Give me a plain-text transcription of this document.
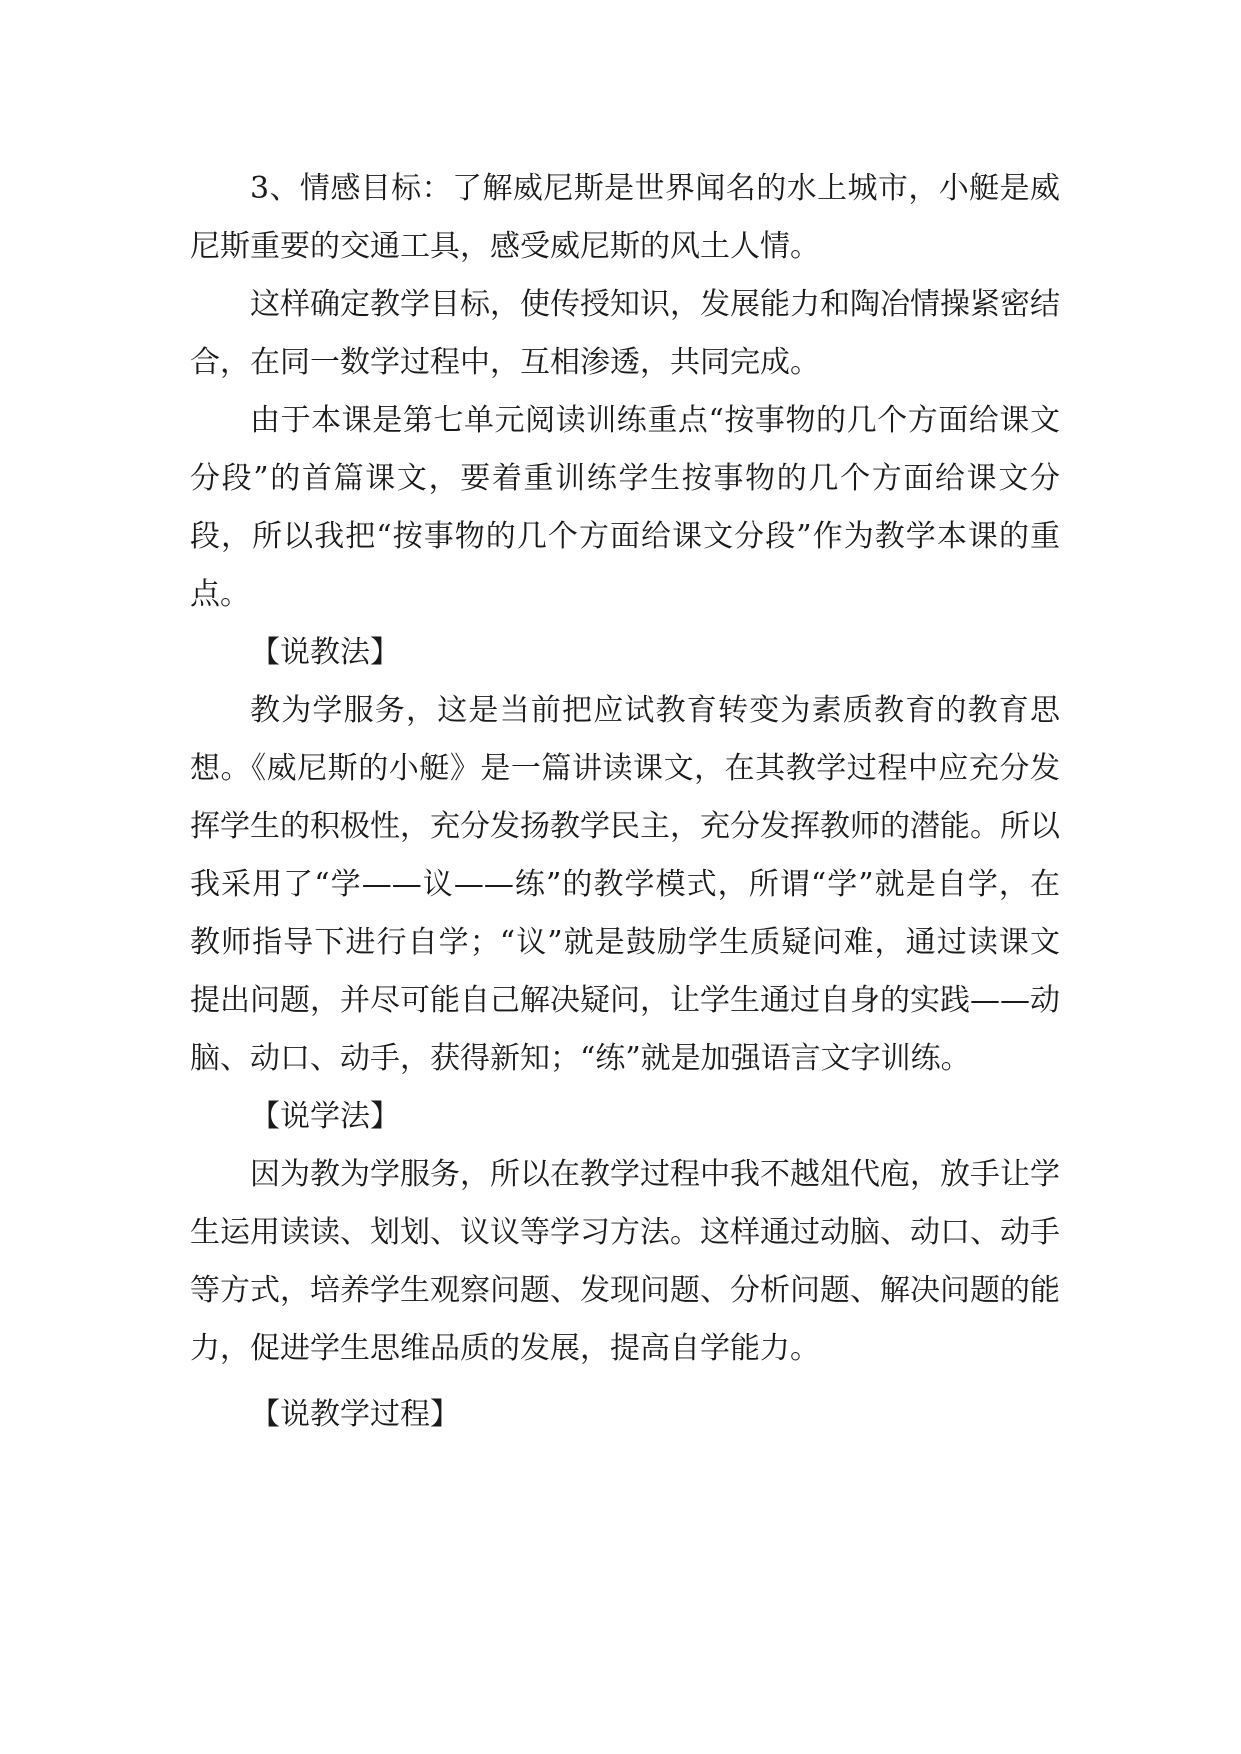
3、情感目标：了解威尼斯是世界闻名的水上城市，小艇是威尼斯重要的交通工具，感受威尼斯的风土人情。

这样确定教学目标，使传授知识，发展能力和陶冶情操紧密结合，在同一数学过程中，互相渗透，共同完成。

由于本课是第七单元阅读训练重点“按事物的几个方面给课文分段”的首篇课文，要着重训练学生按事物的几个方面给课文分段，所以我把“按事物的几个方面给课文分段”作为教学本课的重点。

【说教法】

教为学服务，这是当前把应试教育转变为素质教育的教育思想。《威尼斯的小艇》是一篇讲读课文，在其教学过程中应充分发挥学生的积极性，充分发扬教学民主，充分发挥教师的潜能。所以我采用了“学——议——练”的教学模式，所谓“学”就是自学，在教师指导下进行自学；“议”就是鼓励学生质疑问难，通过读课文提出问题，并尽可能自己解决疑问，让学生通过自身的实践——动脑、动口、动手，获得新知；“练”就是加强语言文字训练。

【说学法】

因为教为学服务，所以在教学过程中我不越俎代庖，放手让学生运用读读、划划、议议等学习方法。这样通过动脑、动口、动手等方式，培养学生观察问题、发现问题、分析问题、解决问题的能力，促进学生思维品质的发展，提高自学能力。

【说教学过程】
